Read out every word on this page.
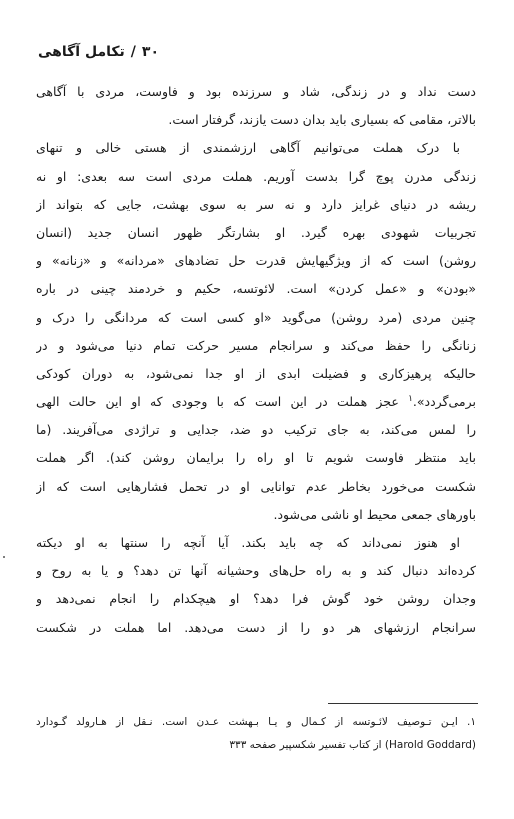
۳۰
/
تکامل آگاهی
دست نداد و در زندگی، شاد و سرزنده بود و فاوست، مردی با آگاهی
بالاتر، مقامی که بسیاری باید بدان دست یازند، گرفتار است.
با درک هملت می‌توانیم آگاهی ارزشمندی از هستی خالی و تنهای
زندگی مدرن پوچ گرا بدست آوریم. هملت مردی است سه بعدی: او نه
ریشه در دنیای غرایز دارد و نه سر به سوی بهشت، جایی که بتواند از
تجربیات شهودی بهره گیرد. او بشارتگر ظهور انسان جدید (انسان
روشن) است که از ویژگیهایش قدرت حل تضادهای «مردانه» و «زنانه» و
«بودن» و «عمل کردن» است. لائوتسه، حکیم و خردمند چینی در باره
چنین مردی (مرد روشن) می‌گوید «او کسی است که مردانگی را درک و
زنانگی را حفظ می‌کند و سرانجام مسیر حرکت تمام دنیا می‌شود و در
حالیکه پرهیزکاری و فضیلت ابدی از او جدا نمی‌شود، به دوران کودکی
برمی‌گردد».$^۱$ عجز هملت در این است که با وجودی که او این حالت الهی
را لمس می‌کند، به جای ترکیب دو ضد، جدایی و تراژدی می‌آفریند. (ما
باید منتظر فاوست شویم تا او راه را برایمان روشن کند). اگر هملت
شکست می‌خورد بخاطر عدم توانایی او در تحمل فشارهایی است که از
باورهای جمعی محیط او ناشی می‌شود.
او هنوز نمی‌داند که چه باید بکند. آیا آنچه را سنتها به او دیکته
کرده‌اند دنبال کند و به راه حل‌های وحشیانه آنها تن دهد؟ و یا به روح و
وجدان روشن خود گوش فرا دهد؟ او هیچکدام را انجام نمی‌دهد و
سرانجام ارزشهای هر دو را از دست می‌دهد. اما هملت در شکست
۱. ایـن تـوصیف لائـوتسه از کـمال و یـا بـهشت عـدن است. نـقل از هـارولد گـودارد
(Harold Goddard) از کتاب تفسیر شکسپیر صفحه ۳۳۳
